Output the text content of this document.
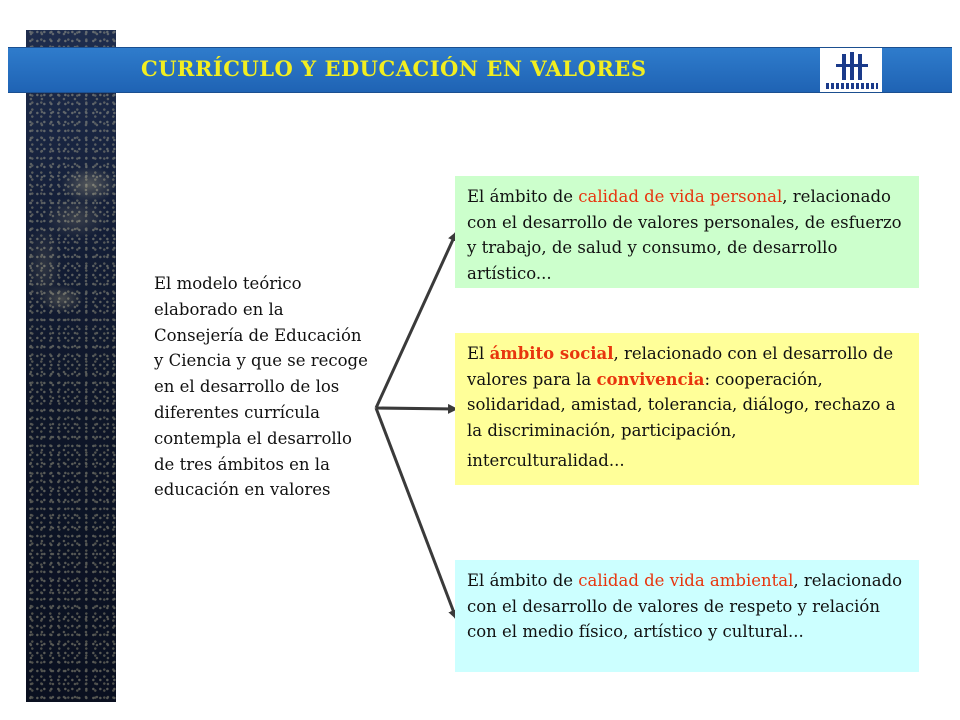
CURRÍCULO Y EDUCACIÓN EN VALORES

El modelo teórico elaborado en la Consejería de Educación y Ciencia y que se recoge en el desarrollo de los diferentes currícula contempla el desarrollo de tres ámbitos en la educación en valores

El ámbito de calidad de vida personal, relacionado con el desarrollo de valores personales, de esfuerzo y trabajo, de salud y consumo, de desarrollo artístico...
El ámbito social, relacionado con el desarrollo de valores para la convivencia: cooperación, solidaridad, amistad, tolerancia, diálogo, rechazo a la discriminación, participación,
interculturalidad...
El ámbito de calidad de vida ambiental, relacionado con el desarrollo de valores de respeto y relación con el medio físico, artístico y cultural...
